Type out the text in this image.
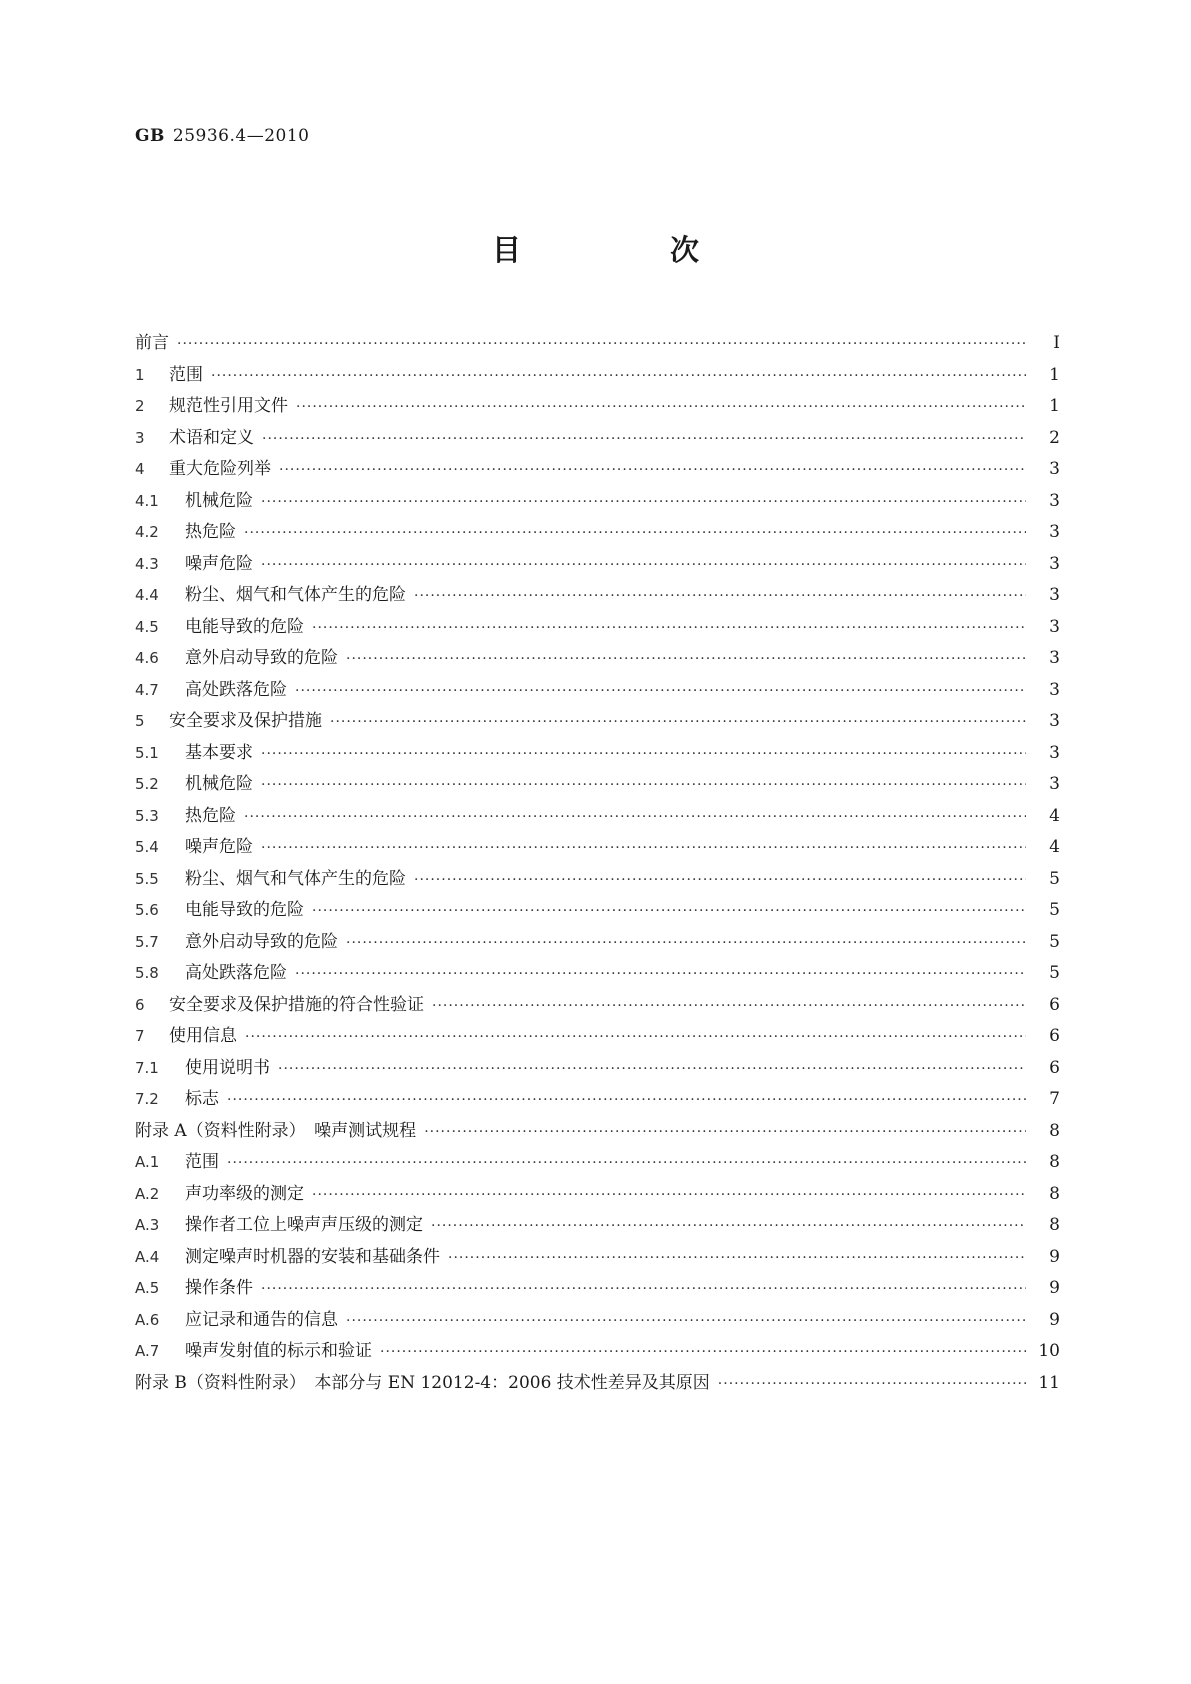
GB 25936.4—2010
目　次
前言 ·····	Ⅰ
1 范围 ·····	1
2 规范性引用文件 ·····	1
3 术语和定义 ·····	2
4 重大危险列举 ·····	3
4.1 机械危险 ·····	3
4.2 热危险 ·····	3
4.3 噪声危险 ·····	3
4.4 粉尘、烟气和气体产生的危险 ·····	3
4.5 电能导致的危险 ·····	3
4.6 意外启动导致的危险 ·····	3
4.7 高处跌落危险 ·····	3
5 安全要求及保护措施 ·····	3
5.1 基本要求 ·····	3
5.2 机械危险 ·····	3
5.3 热危险 ·····	4
5.4 噪声危险 ·····	4
5.5 粉尘、烟气和气体产生的危险 ·····	5
5.6 电能导致的危险 ·····	5
5.7 意外启动导致的危险 ·····	5
5.8 高处跌落危险 ·····	5
6 安全要求及保护措施的符合性验证 ·····	6
7 使用信息 ·····	6
7.1 使用说明书 ·····	6
7.2 标志 ·····	7
附录 A（资料性附录）　噪声测试规程 ·····	8
A.1 范围 ·····	8
A.2 声功率级的测定 ·····	8
A.3 操作者工位上噪声声压级的测定 ·····	8
A.4 测定噪声时机器的安装和基础条件 ·····	9
A.5 操作条件 ·····	9
A.6 应记录和通告的信息 ·····	9
A.7 噪声发射值的标示和验证 ·····	10
附录 B（资料性附录）　本部分与 EN 12012-4：2006 技术性差异及其原因 ·····	11
